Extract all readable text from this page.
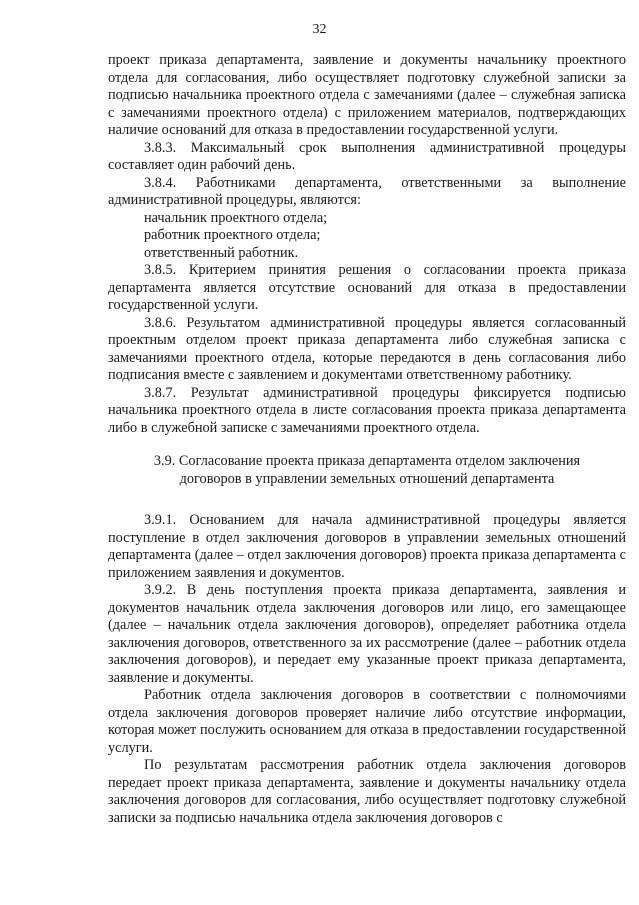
32

проект приказа департамента, заявление и документы начальнику проектного отдела для согласования, либо осуществляет подготовку служебной записки за подписью начальника проектного отдела с замечаниями (далее – служебная записка с замечаниями проектного отдела) с приложением материалов, подтверждающих наличие оснований для отказа в предоставлении государственной услуги.

3.8.3. Максимальный срок выполнения административной процедуры составляет один рабочий день.

3.8.4. Работниками департамента, ответственными за выполнение административной процедуры, являются:

начальник проектного отдела;

работник проектного отдела;

ответственный работник.

3.8.5. Критерием принятия решения о согласовании проекта приказа департамента является отсутствие оснований для отказа в предоставлении государственной услуги.

3.8.6. Результатом административной процедуры является согласованный проектным отделом проект приказа департамента либо служебная записка с замечаниями проектного отдела, которые передаются в день согласования либо подписания вместе с заявлением и документами ответственному работнику.

3.8.7. Результат административной процедуры фиксируется подписью начальника проектного отдела в листе согласования проекта приказа департамента либо в служебной записке с замечаниями проектного отдела.

3.9. Согласование проекта приказа департамента отделом заключения договоров в управлении земельных отношений департамента

3.9.1. Основанием для начала административной процедуры является поступление в отдел заключения договоров в управлении земельных отношений департамента (далее – отдел заключения договоров) проекта приказа департамента с приложением заявления и документов.

3.9.2. В день поступления проекта приказа департамента, заявления и документов начальник отдела заключения договоров или лицо, его замещающее (далее – начальник отдела заключения договоров), определяет работника отдела заключения договоров, ответственного за их рассмотрение (далее – работник отдела заключения договоров), и передает ему указанные проект приказа департамента, заявление и документы.

Работник отдела заключения договоров в соответствии с полномочиями отдела заключения договоров проверяет наличие либо отсутствие информации, которая может послужить основанием для отказа в предоставлении государственной услуги.

По результатам рассмотрения работник отдела заключения договоров передает проект приказа департамента, заявление и документы начальнику отдела заключения договоров для согласования, либо осуществляет подготовку служебной записки за подписью начальника отдела заключения договоров с
